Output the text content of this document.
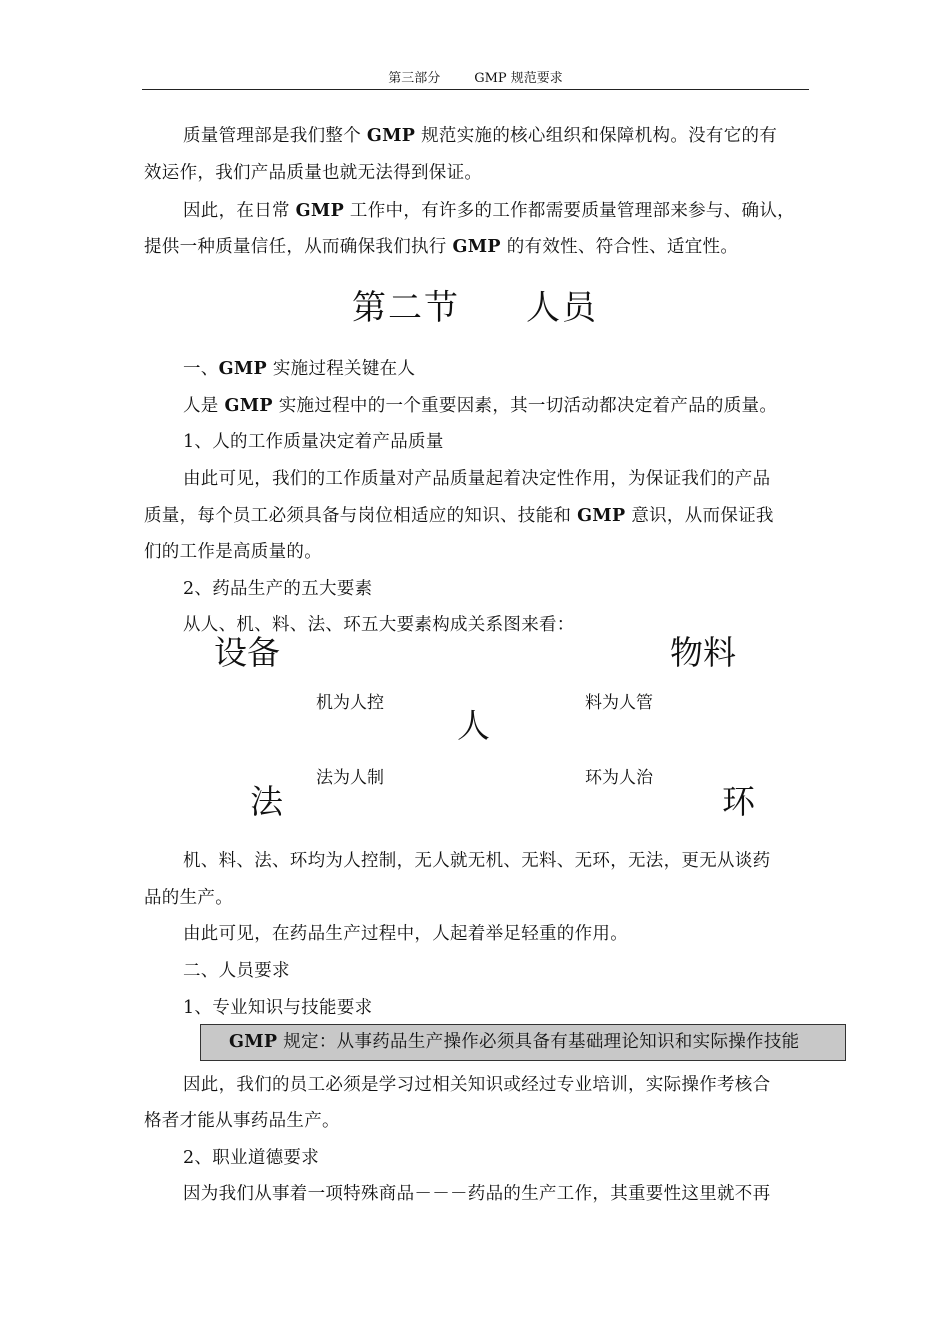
第三部分	GMP 规范要求
质量管理部是我们整个 GMP 规范实施的核心组织和保障机构。没有它的有
效运作，我们产品质量也就无法得到保证。
因此，在日常 GMP 工作中，有许多的工作都需要质量管理部来参与、确认，
提供一种质量信任，从而确保我们执行 GMP 的有效性、符合性、适宜性。
第二节 人员
一、GMP 实施过程关键在人
人是 GMP 实施过程中的一个重要因素，其一切活动都决定着产品的质量。
1、人的工作质量决定着产品质量
由此可见，我们的工作质量对产品质量起着决定性作用，为保证我们的产品
质量，每个员工必须具备与岗位相适应的知识、技能和 GMP 意识，从而保证我
们的工作是高质量的。
2、药品生产的五大要素
从人、机、料、法、环五大要素构成关系图来看：
设备	物料
机为人控	料为人管
人
法为人制	环为人治
法	环
机、料、法、环均为人控制，无人就无机、无料、无环，无法，更无从谈药
品的生产。
由此可见，在药品生产过程中，人起着举足轻重的作用。
二、人员要求
1、专业知识与技能要求
GMP 规定：从事药品生产操作必须具备有基础理论知识和实际操作技能
因此，我们的员工必须是学习过相关知识或经过专业培训，实际操作考核合
格者才能从事药品生产。
2、职业道德要求
因为我们从事着一项特殊商品－－－药品的生产工作，其重要性这里就不再
